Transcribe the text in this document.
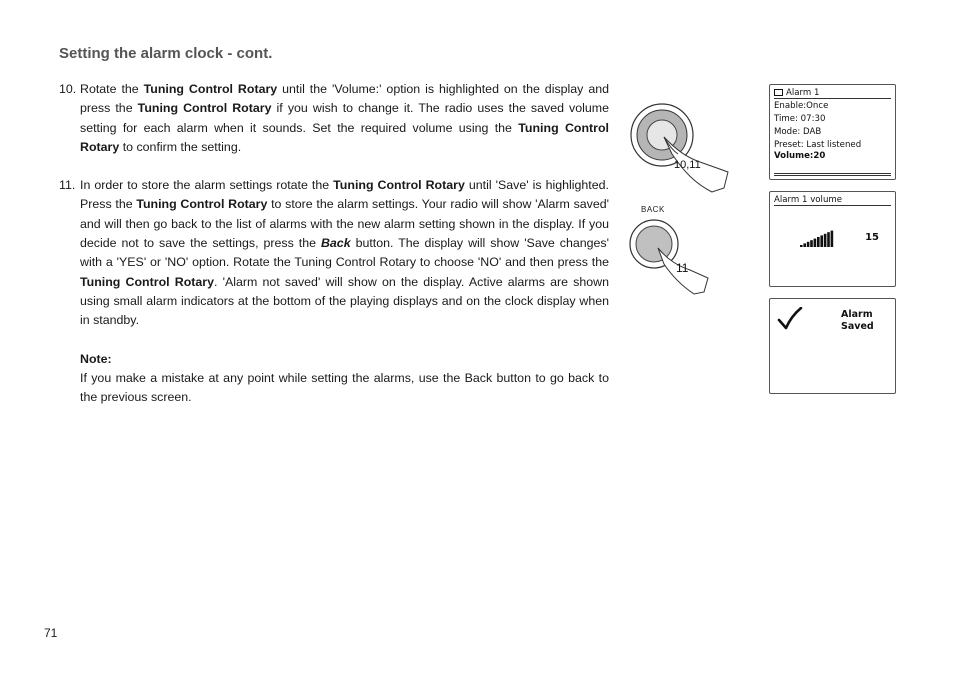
Setting the alarm clock - cont.
10. Rotate the Tuning Control Rotary until the 'Volume:' option is highlighted on the display and press the Tuning Control Rotary if you wish to change it. The radio uses the saved volume setting for each alarm when it sounds. Set the required volume using the Tuning Control Rotary to confirm the setting.
11. In order to store the alarm settings rotate the Tuning Control Rotary until 'Save' is highlighted. Press the Tuning Control Rotary to store the alarm settings. Your radio will show 'Alarm saved' and will then go back to the list of alarms with the new alarm setting shown in the display. If you decide not to save the settings, press the Back button. The display will show 'Save changes' with a 'YES' or 'NO' option. Rotate the Tuning Control Rotary to choose 'NO' and then press the Tuning Control Rotary. 'Alarm not saved' will show on the display. Active alarms are shown using small alarm indicators at the bottom of the playing displays and on the clock display when in standby.
Note:
If you make a mistake at any point while setting the alarms, use the Back button to go back to the previous screen.
71
10,11
BACK
11
Alarm 1
Enable:Once
Time: 07:30
Mode: DAB
Preset: Last listened
Volume:20
Alarm 1 volume
15
Alarm
Saved
